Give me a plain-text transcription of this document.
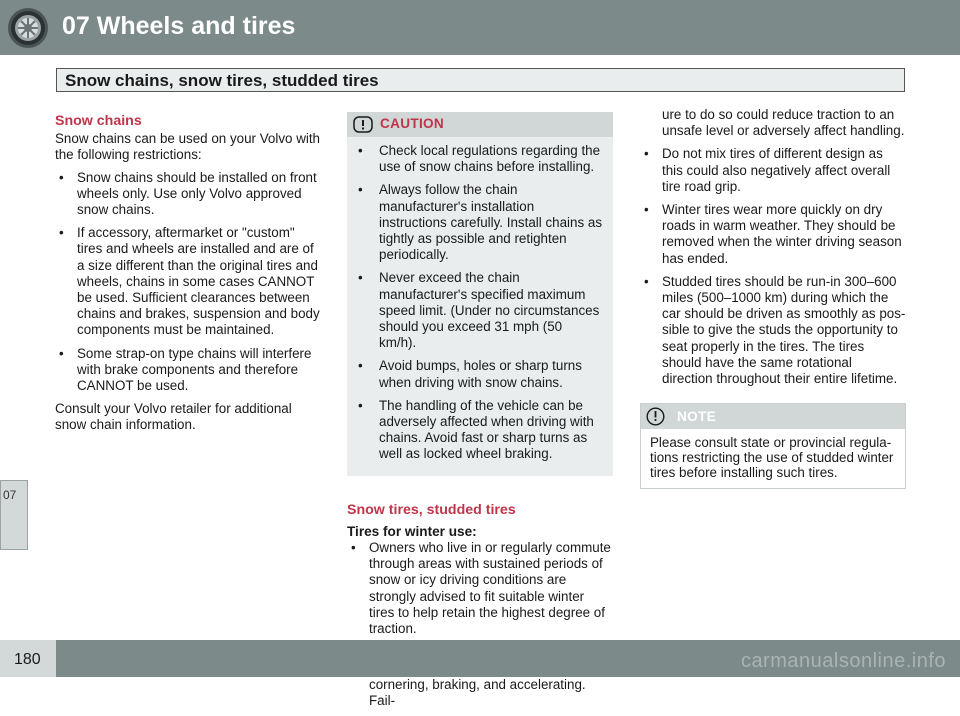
07 Wheels and tires
Snow chains, snow tires, studded tires
07
Snow chains

Snow chains can be used on your Volvo with the following restrictions:

• Snow chains should be installed on front wheels only. Use only Volvo approved snow chains.
• If accessory, aftermarket or "custom" tires and wheels are installed and are of a size different than the original tires and wheels, chains in some cases CANNOT be used. Sufficient clearances between chains and brakes, suspension and body components must be maintained.
• Some strap-on type chains will interfere with brake components and therefore CANNOT be used.

Consult your Volvo retailer for additional snow chain information.

CAUTION
• Check local regulations regarding the use of snow chains before installing.
• Always follow the chain manufacturer's installation instructions carefully. Install chains as tightly as possible and retighten periodically.
• Never exceed the chain manufacturer's specified maximum speed limit. (Under no circumstances should you exceed 31 mph (50 km/h).
• Avoid bumps, holes or sharp turns when driving with snow chains.
• The handling of the vehicle can be adversely affected when driving with chains. Avoid fast or sharp turns as well as locked wheel braking.
Snow tires, studded tires
Tires for winter use:
• Owners who live in or regularly commute through areas with sustained periods of snow or icy driving conditions are strongly advised to fit suitable winter tires to help retain the highest degree of traction.
cornering, braking, and accelerating. Fail-

ure to do so could reduce traction to an unsafe level or adversely affect handling.

• Do not mix tires of different design as this could also negatively affect overall tire road grip.
• Winter tires wear more quickly on dry roads in warm weather. They should be removed when the winter driving season has ended.
• Studded tires should be run-in 300–600 miles (500–1000 km) during which the car should be driven as smoothly as pos-sible to give the studs the opportunity to seat properly in the tires. The tires should have the same rotational direction throughout their entire lifetime.
NOTE
Please consult state or provincial regula-tions restricting the use of studded winter tires before installing such tires.
180	carmanualsonline.info
